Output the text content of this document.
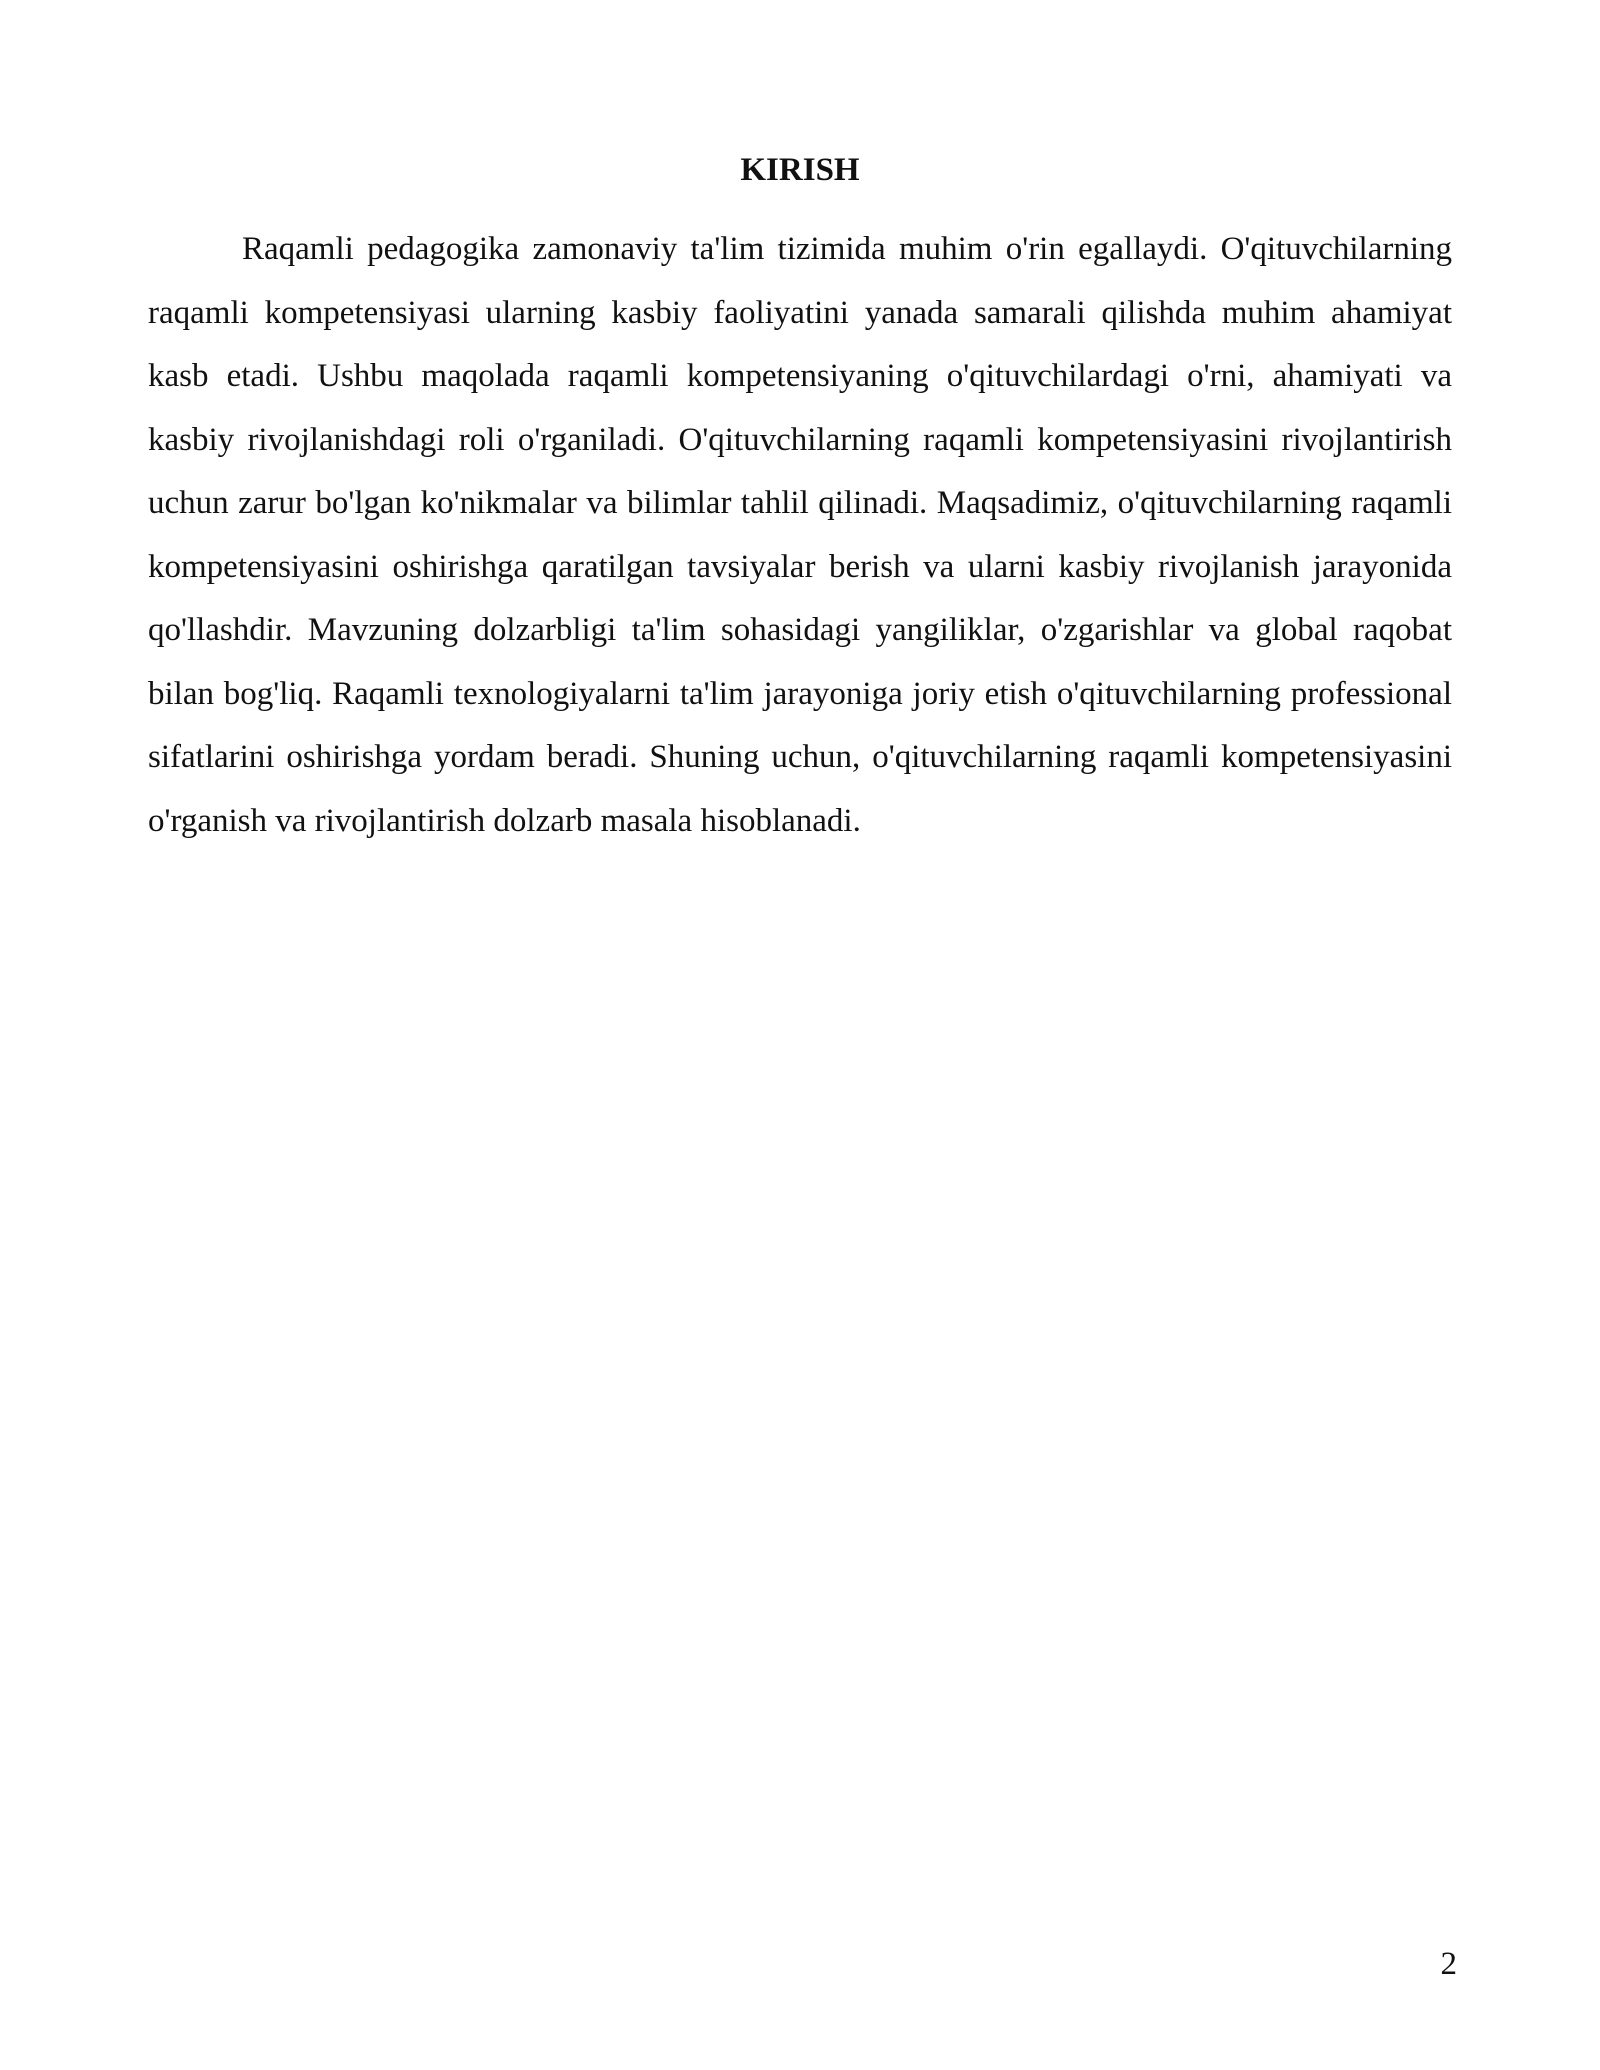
KIRISH

Raqamli pedagogika zamonaviy ta'lim tizimida muhim o'rin egallaydi. O'qituvchilarning raqamli kompetensiyasi ularning kasbiy faoliyatini yanada samarali qilishda muhim ahamiyat kasb etadi. Ushbu maqolada raqamli kompetensiyaning o'qituvchilardagi o'rni, ahamiyati va kasbiy rivojlanishdagi roli o'rganiladi. O'qituvchilarning raqamli kompetensiyasini rivojlantirish uchun zarur bo'lgan ko'nikmalar va bilimlar tahlil qilinadi. Maqsadimiz, o'qituvchilarning raqamli kompetensiyasini oshirishga qaratilgan tavsiyalar berish va ularni kasbiy rivojlanish jarayonida qo'llashdir. Mavzuning dolzarbligi ta'lim sohasidagi yangiliklar, o'zgarishlar va global raqobat bilan bog'liq. Raqamli texnologiyalarni ta'lim jarayoniga joriy etish o'qituvchilarning professional sifatlarini oshirishga yordam beradi. Shuning uchun, o'qituvchilarning raqamli kompetensiyasini o'rganish va rivojlantirish dolzarb masala hisoblanadi.

2
